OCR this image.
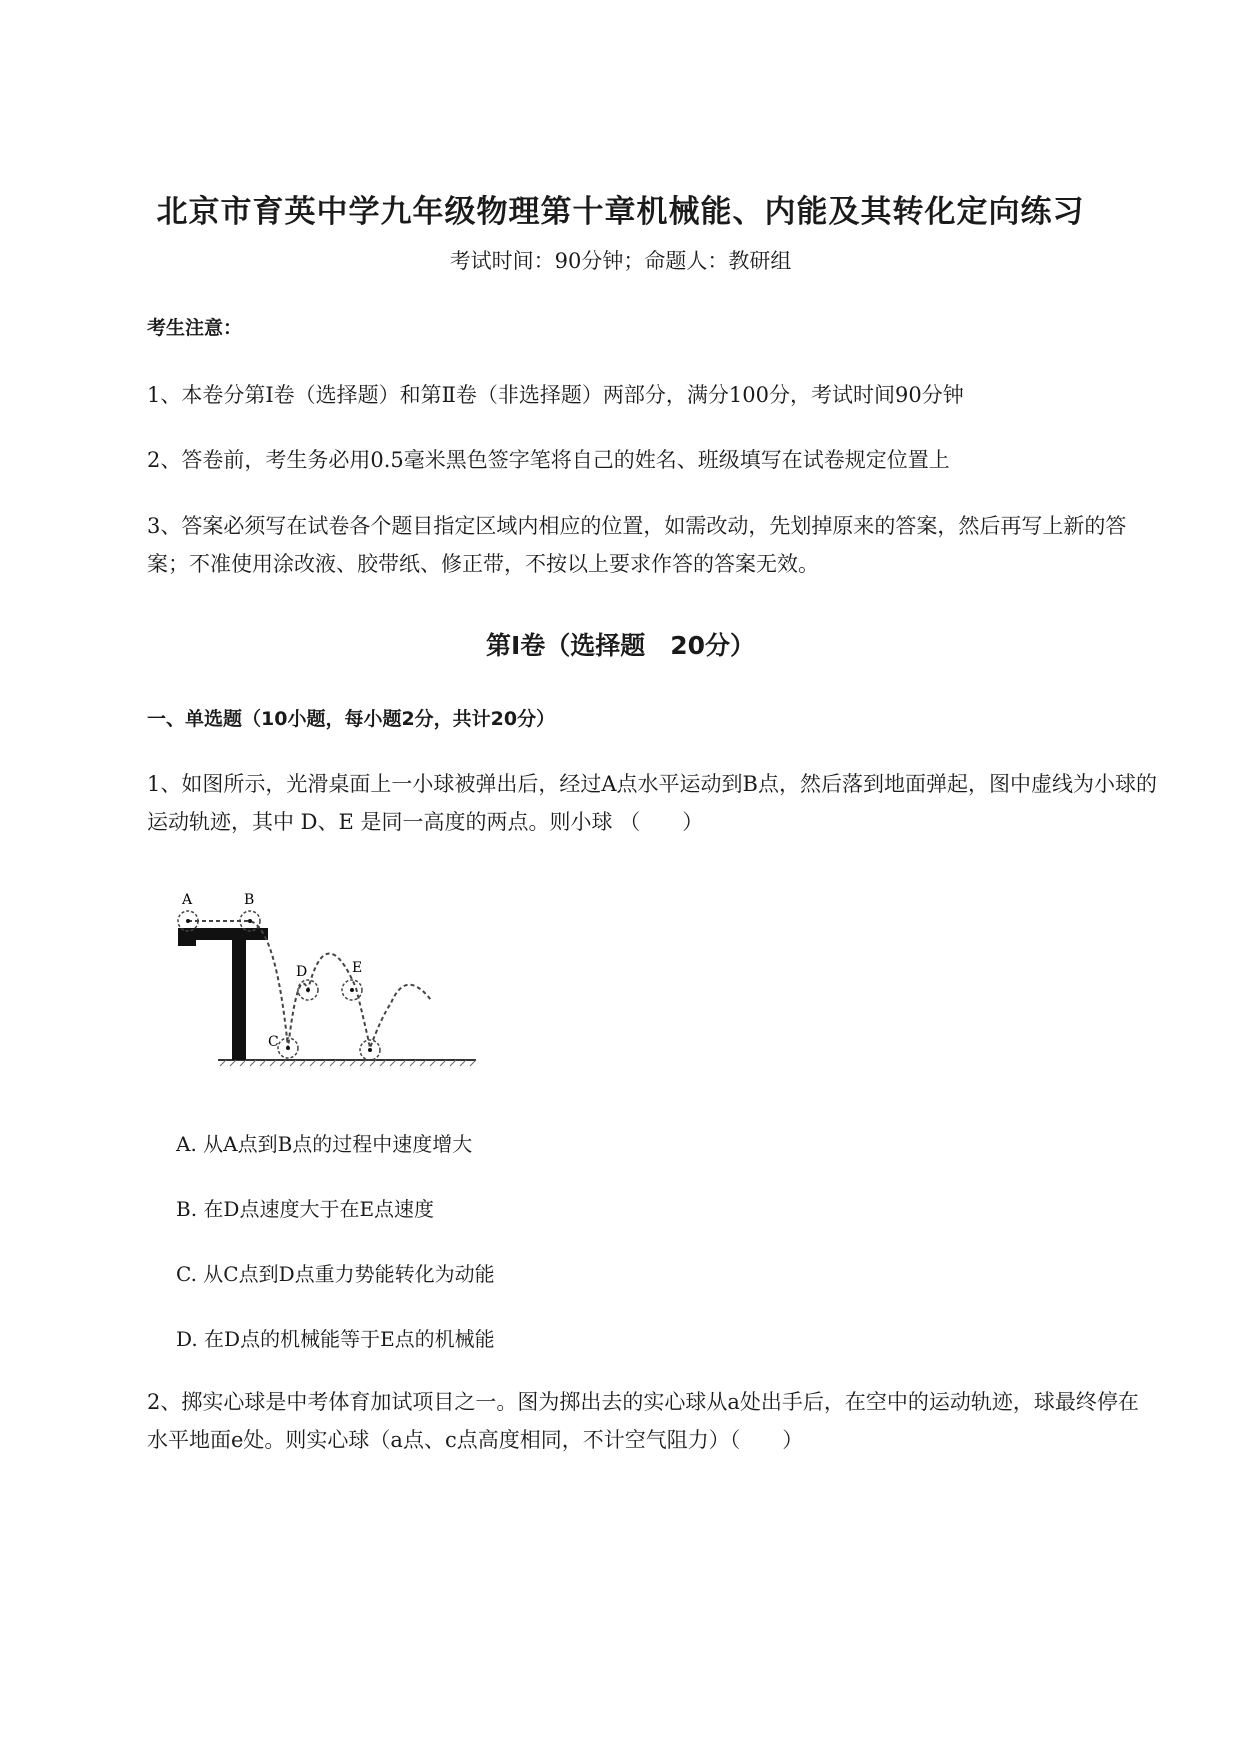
北京市育英中学九年级物理第十章机械能、内能及其转化定向练习
考试时间：90分钟；命题人：教研组
考生注意：
1、本卷分第I卷（选择题）和第Ⅱ卷（非选择题）两部分，满分100分，考试时间90分钟
2、答卷前，考生务必用0.5毫米黑色签字笔将自己的姓名、班级填写在试卷规定位置上
3、答案必须写在试卷各个题目指定区域内相应的位置，如需改动，先划掉原来的答案，然后再写上新的答案；不准使用涂改液、胶带纸、修正带，不按以上要求作答的答案无效。
第I卷（选择题　20分）
一、单选题（10小题，每小题2分，共计20分）
1、如图所示，光滑桌面上一小球被弹出后，经过A点水平运动到B点，然后落到地面弹起，图中虚线为小球的运动轨迹，其中 D、E 是同一高度的两点。则小球 （　　）
A	B
C
D	E
A. 从A点到B点的过程中速度增大
B. 在D点速度大于在E点速度
C. 从C点到D点重力势能转化为动能
D. 在D点的机械能等于E点的机械能
2、掷实心球是中考体育加试项目之一。图为掷出去的实心球从a处出手后，在空中的运动轨迹，球最终停在水平地面e处。则实心球（a点、c点高度相同，不计空气阻力）（　　）
